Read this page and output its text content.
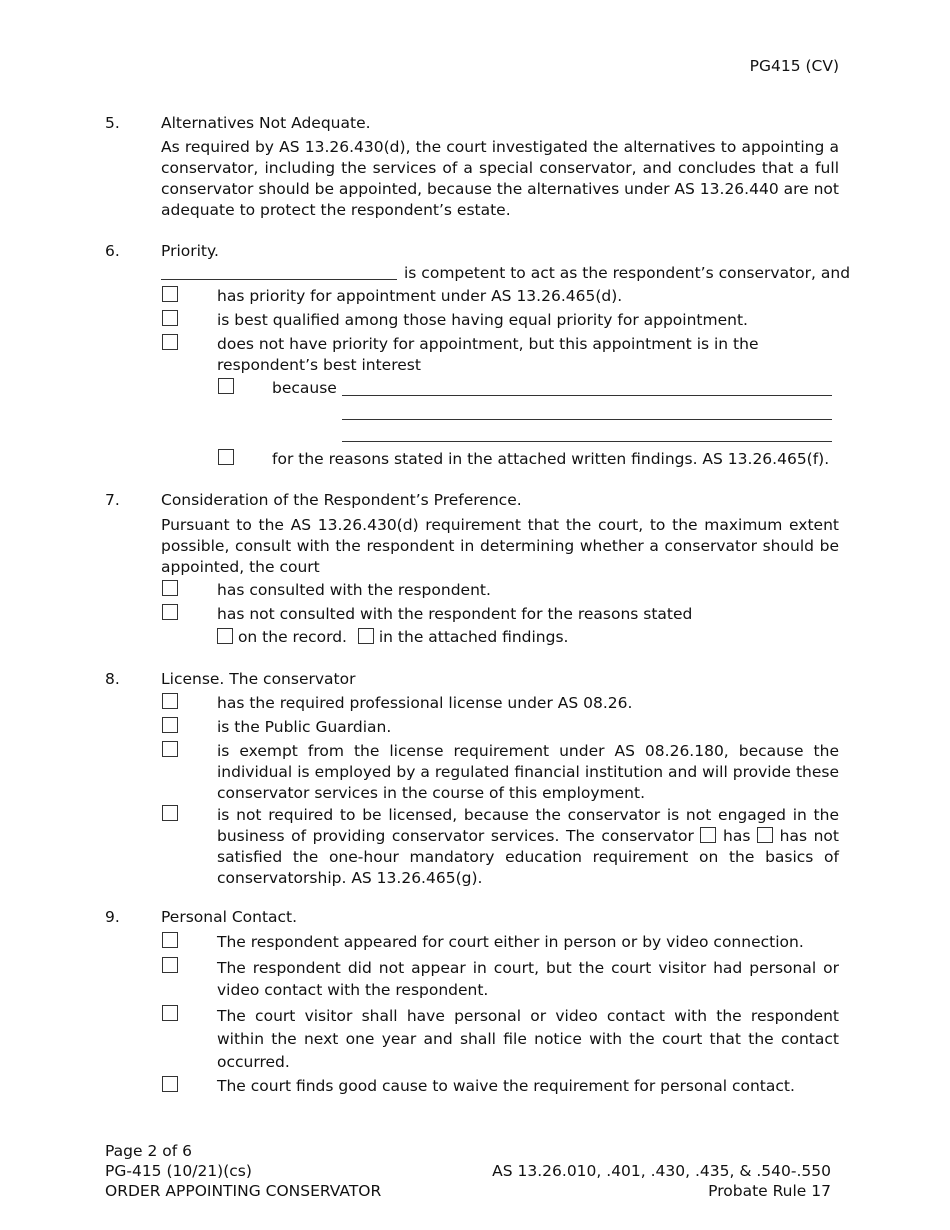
PG415 (CV)
5.	Alternatives Not Adequate.
As required by AS 13.26.430(d), the court investigated the alternatives to appointing a conservator, including the services of a special conservator, and concludes that a full conservator should be appointed, because the alternatives under AS 13.26.440 are not adequate to protect the respondent’s estate.
6.	Priority.
is competent to act as the respondent’s conservator, and
has priority for appointment under AS 13.26.465(d).
is best qualified among those having equal priority for appointment.
does not have priority for appointment, but this appointment is in the respondent’s best interest
because
for the reasons stated in the attached written findings. AS 13.26.465(f).
7.	Consideration of the Respondent’s Preference.
Pursuant to the AS 13.26.430(d) requirement that the court, to the maximum extent possible, consult with the respondent in determining whether a conservator should be appointed, the court
has consulted with the respondent.
has not consulted with the respondent for the reasons stated
on the record. in the attached findings.
8.	License. The conservator
has the required professional license under AS 08.26.
is the Public Guardian.
is exempt from the license requirement under AS 08.26.180, because the individual is employed by a regulated financial institution and will provide these conservator services in the course of this employment.
is not required to be licensed, because the conservator is not engaged in the business of providing conservator services. The conservator has has not satisfied the one-hour mandatory education requirement on the basics of conservatorship. AS 13.26.465(g).
9.	Personal Contact.
The respondent appeared for court either in person or by video connection.
The respondent did not appear in court, but the court visitor had personal or video contact with the respondent.
The court visitor shall have personal or video contact with the respondent within the next one year and shall file notice with the court that the contact occurred.
The court finds good cause to waive the requirement for personal contact.
Page 2 of 6
PG-415 (10/21)(cs)
ORDER APPOINTING CONSERVATOR
AS 13.26.010, .401, .430, .435, & .540-.550
Probate Rule 17
